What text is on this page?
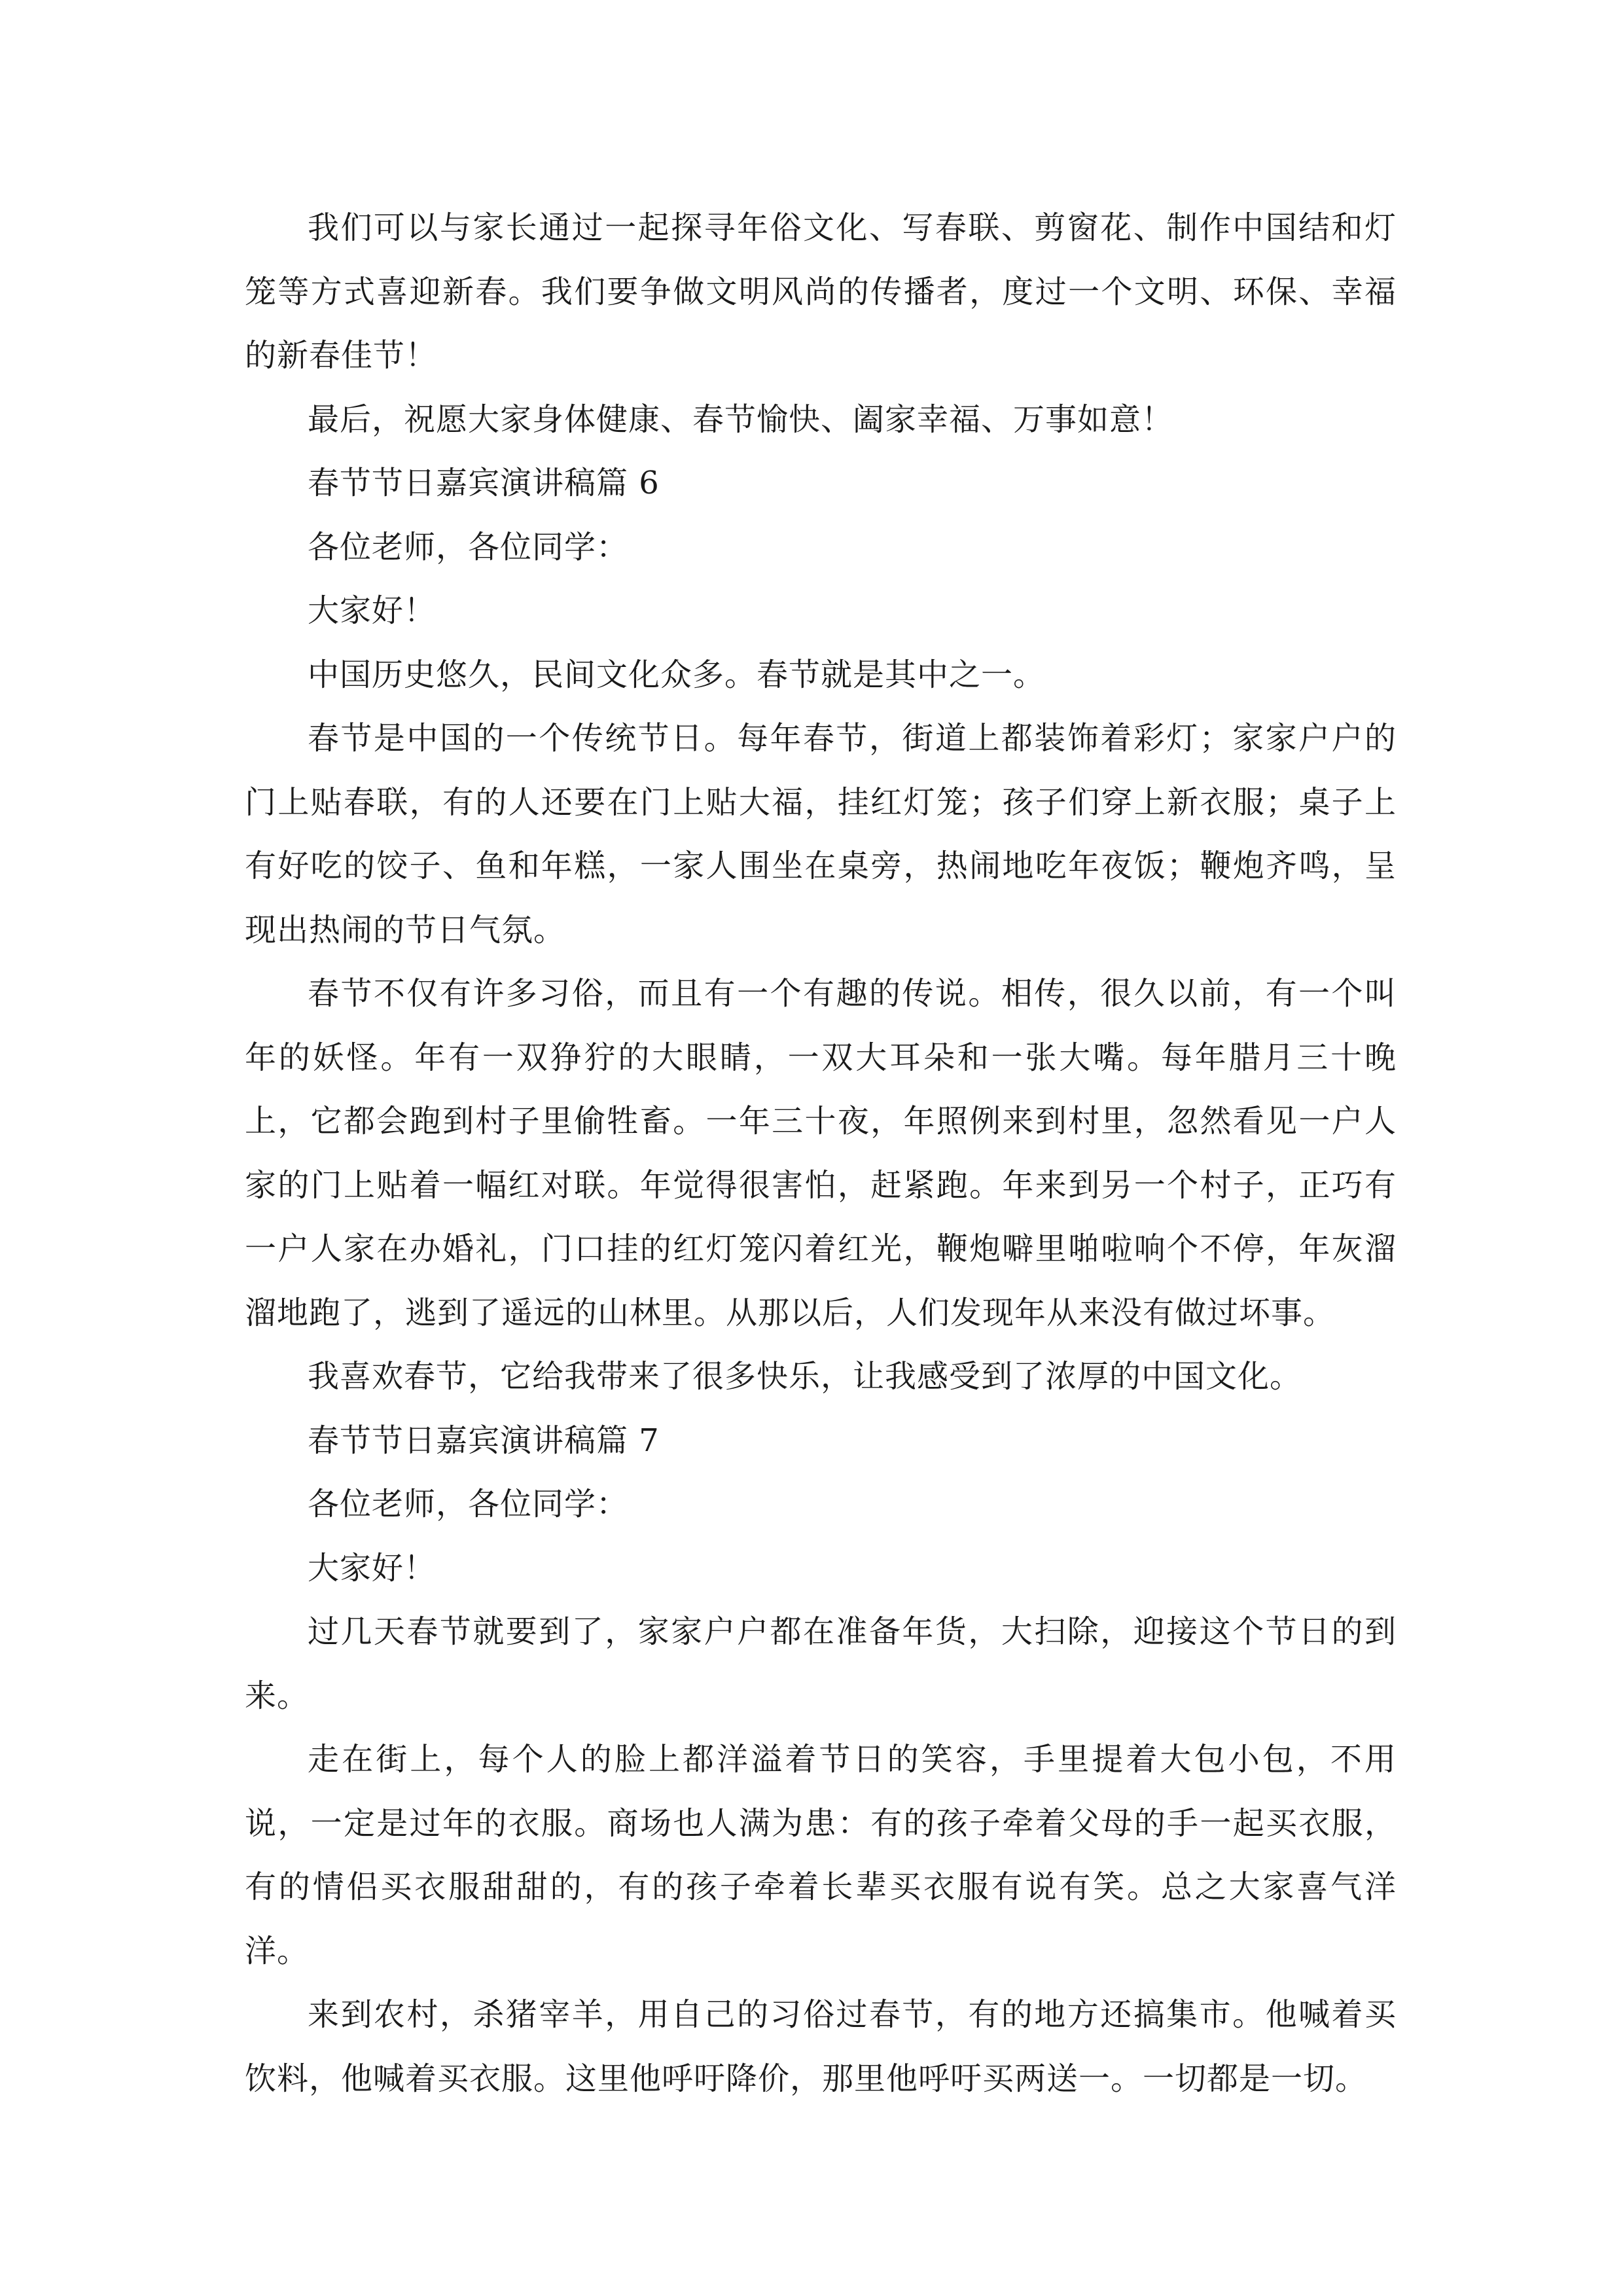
我们可以与家长通过一起探寻年俗文化、写春联、剪窗花、制作中国结和灯笼等方式喜迎新春。我们要争做文明风尚的传播者，度过一个文明、环保、幸福的新春佳节！

最后，祝愿大家身体健康、春节愉快、阖家幸福、万事如意！

春节节日嘉宾演讲稿篇 6

各位老师，各位同学：

大家好！

中国历史悠久，民间文化众多。春节就是其中之一。

春节是中国的一个传统节日。每年春节，街道上都装饰着彩灯；家家户户的门上贴春联，有的人还要在门上贴大福，挂红灯笼；孩子们穿上新衣服；桌子上有好吃的饺子、鱼和年糕，一家人围坐在桌旁，热闹地吃年夜饭；鞭炮齐鸣，呈现出热闹的节日气氛。

春节不仅有许多习俗，而且有一个有趣的传说。相传，很久以前，有一个叫年的妖怪。年有一双狰狞的大眼睛，一双大耳朵和一张大嘴。每年腊月三十晚上，它都会跑到村子里偷牲畜。一年三十夜，年照例来到村里，忽然看见一户人家的门上贴着一幅红对联。年觉得很害怕，赶紧跑。年来到另一个村子，正巧有一户人家在办婚礼，门口挂的红灯笼闪着红光，鞭炮噼里啪啦响个不停，年灰溜溜地跑了，逃到了遥远的山林里。从那以后，人们发现年从来没有做过坏事。

我喜欢春节，它给我带来了很多快乐，让我感受到了浓厚的中国文化。

春节节日嘉宾演讲稿篇 7

各位老师，各位同学：

大家好！

过几天春节就要到了，家家户户都在准备年货，大扫除，迎接这个节日的到来。

走在街上，每个人的脸上都洋溢着节日的笑容，手里提着大包小包，不用说，一定是过年的衣服。商场也人满为患：有的孩子牵着父母的手一起买衣服，有的情侣买衣服甜甜的，有的孩子牵着长辈买衣服有说有笑。总之大家喜气洋洋。

来到农村，杀猪宰羊，用自己的习俗过春节，有的地方还搞集市。他喊着买饮料，他喊着买衣服。这里他呼吁降价，那里他呼吁买两送一。一切都是一切。
